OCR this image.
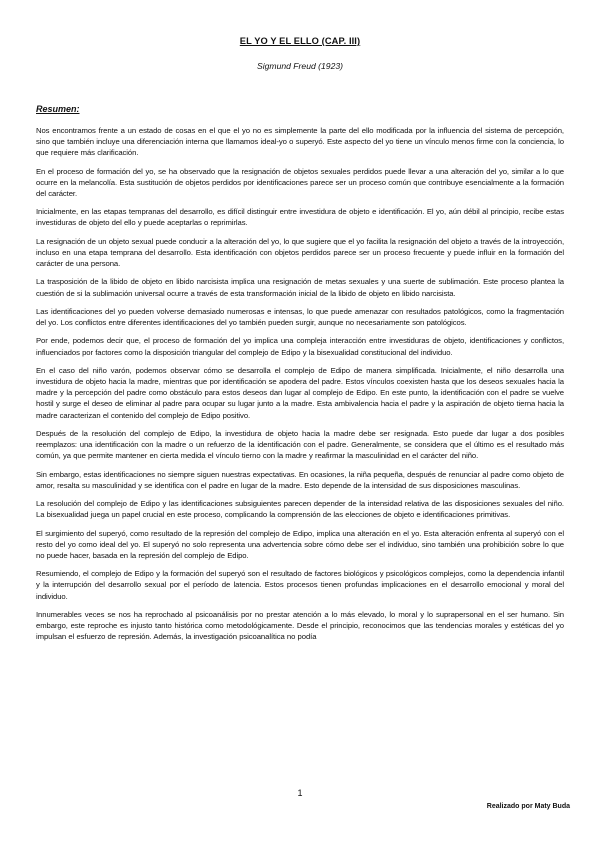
EL YO Y EL ELLO (CAP. III)
Sigmund Freud (1923)
Resumen:

Nos encontramos frente a un estado de cosas en el que el yo no es simplemente la parte del ello modificada por la influencia del sistema de percepción, sino que también incluye una diferenciación interna que llamamos ideal-yo o superyó. Este aspecto del yo tiene un vínculo menos firme con la conciencia, lo que requiere más clarificación.

En el proceso de formación del yo, se ha observado que la resignación de objetos sexuales perdidos puede llevar a una alteración del yo, similar a lo que ocurre en la melancolía. Esta sustitución de objetos perdidos por identificaciones parece ser un proceso común que contribuye esencialmente a la formación del carácter.

Inicialmente, en las etapas tempranas del desarrollo, es difícil distinguir entre investidura de objeto e identificación. El yo, aún débil al principio, recibe estas investiduras de objeto del ello y puede aceptarlas o reprimirlas.

La resignación de un objeto sexual puede conducir a la alteración del yo, lo que sugiere que el yo facilita la resignación del objeto a través de la introyección, incluso en una etapa temprana del desarrollo. Esta identificación con objetos perdidos parece ser un proceso frecuente y puede influir en la formación del carácter de una persona.

La trasposición de la libido de objeto en libido narcisista implica una resignación de metas sexuales y una suerte de sublimación. Este proceso plantea la cuestión de si la sublimación universal ocurre a través de esta transformación inicial de la libido de objeto en libido narcisista.

Las identificaciones del yo pueden volverse demasiado numerosas e intensas, lo que puede amenazar con resultados patológicos, como la fragmentación del yo. Los conflictos entre diferentes identificaciones del yo también pueden surgir, aunque no necesariamente son patológicos.

Por ende, podemos decir que, el proceso de formación del yo implica una compleja interacción entre investiduras de objeto, identificaciones y conflictos, influenciados por factores como la disposición triangular del complejo de Edipo y la bisexualidad constitucional del individuo.

En el caso del niño varón, podemos observar cómo se desarrolla el complejo de Edipo de manera simplificada. Inicialmente, el niño desarrolla una investidura de objeto hacia la madre, mientras que por identificación se apodera del padre. Estos vínculos coexisten hasta que los deseos sexuales hacia la madre y la percepción del padre como obstáculo para estos deseos dan lugar al complejo de Edipo. En este punto, la identificación con el padre se vuelve hostil y surge el deseo de eliminar al padre para ocupar su lugar junto a la madre. Esta ambivalencia hacia el padre y la aspiración de objeto tierna hacia la madre caracterizan el contenido del complejo de Edipo positivo.

Después de la resolución del complejo de Edipo, la investidura de objeto hacia la madre debe ser resignada. Esto puede dar lugar a dos posibles reemplazos: una identificación con la madre o un refuerzo de la identificación con el padre. Generalmente, se considera que el último es el resultado más común, ya que permite mantener en cierta medida el vínculo tierno con la madre y reafirmar la masculinidad en el carácter del niño.

Sin embargo, estas identificaciones no siempre siguen nuestras expectativas. En ocasiones, la niña pequeña, después de renunciar al padre como objeto de amor, resalta su masculinidad y se identifica con el padre en lugar de la madre. Esto depende de la intensidad de sus disposiciones masculinas.

La resolución del complejo de Edipo y las identificaciones subsiguientes parecen depender de la intensidad relativa de las disposiciones sexuales del niño. La bisexualidad juega un papel crucial en este proceso, complicando la comprensión de las elecciones de objeto e identificaciones primitivas.

El surgimiento del superyó, como resultado de la represión del complejo de Edipo, implica una alteración en el yo. Esta alteración enfrenta al superyó con el resto del yo como ideal del yo. El superyó no solo representa una advertencia sobre cómo debe ser el individuo, sino también una prohibición sobre lo que no puede hacer, basada en la represión del complejo de Edipo.

Resumiendo, el complejo de Edipo y la formación del superyó son el resultado de factores biológicos y psicológicos complejos, como la dependencia infantil y la interrupción del desarrollo sexual por el período de latencia. Estos procesos tienen profundas implicaciones en el desarrollo emocional y moral del individuo.

Innumerables veces se nos ha reprochado al psicoanálisis por no prestar atención a lo más elevado, lo moral y lo suprapersonal en el ser humano. Sin embargo, este reproche es injusto tanto histórica como metodológicamente. Desde el principio, reconocimos que las tendencias morales y estéticas del yo impulsan el esfuerzo de represión. Además, la investigación psicoanalítica no podía

1
Realizado por Maty Buda
